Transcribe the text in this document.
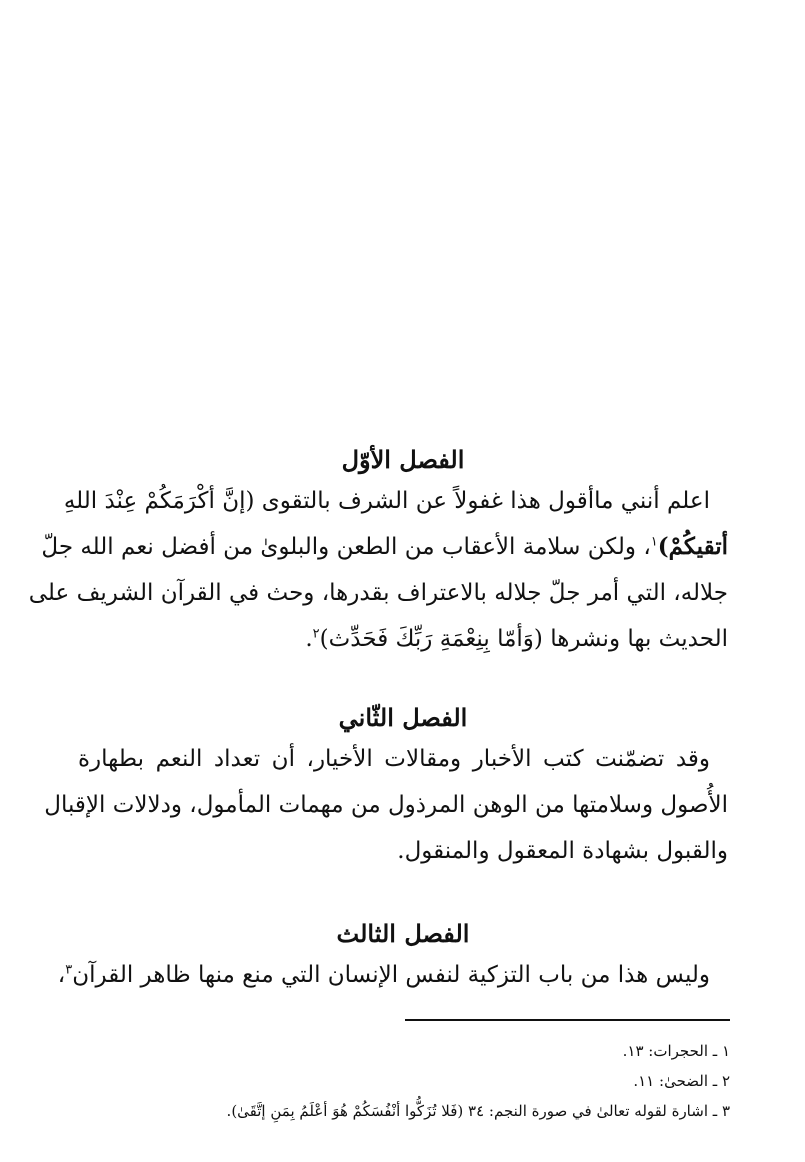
الفصل الأوّل

اعلم أنني ماأقول هذا غفولاً عن الشرف بالتقوى (إنَّ أكْرَمَكُمْ عِنْدَ اللهِ
أتقيكُمْ)$^١$، ولكن سلامة الأعقاب من الطعن والبلوىٰ من أفضل نعم الله جلّ
جلاله، التي أمر جلّ جلاله بالاعتراف بقدرها، وحث في القرآن الشريف على
الحديث بها ونشرها (وَأمّا بِنِعْمَةِ رَبِّكَ فَحَدِّث)$^٢$.

الفصل الثّاني

وقد تضمّنت كتب الأخبار ومقالات الأخيار، أن تعداد النعم بطهارة
الأُصول وسلامتها من الوهن المرذول من مهمات المأمول، ودلالات الإقبال
والقبول بشهادة المعقول والمنقول.

الفصل الثالث

وليس هذا من باب التزكية لنفس الإنسان التي منع منها ظاهر القرآن$^٣$،

١ ـ الحجرات: ١٣.
٢ ـ الضحىٰ: ١١.
٣ ـ اشارة لقوله تعالىٰ في صورة النجم: ٣٤ (فَلا تُزَكُّوا أنْفُسَكُمْ هُوَ أعْلَمُ بِمَنِ إتَّقَىٰ).
